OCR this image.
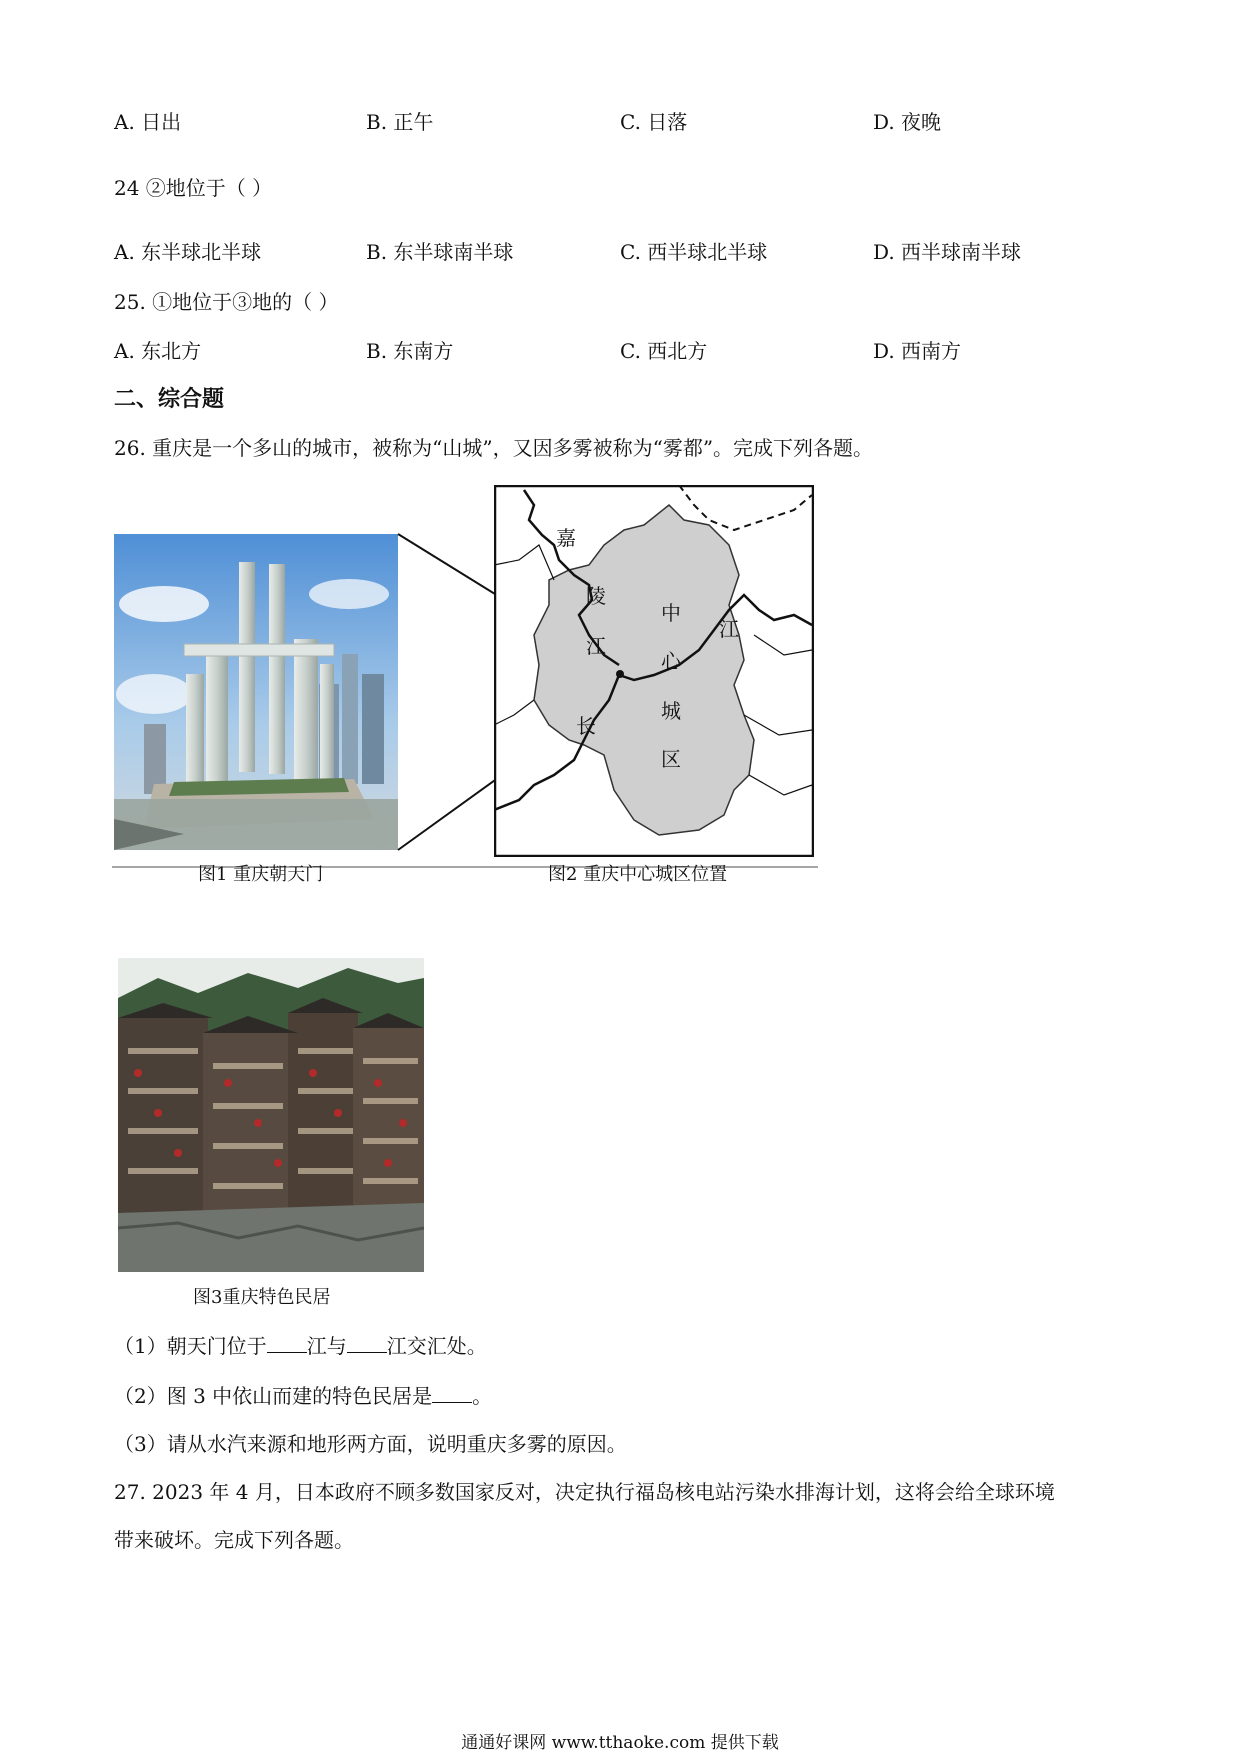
A. 日出	B. 正午	C. 日落	D. 夜晚
24 ②地位于（ ）
A. 东半球北半球	B. 东半球南半球	C. 西半球北半球	D. 西半球南半球
25. ①地位于③地的（ ）
A. 东北方	B. 东南方	C. 西北方	D. 西南方
二、综合题
26. 重庆是一个多山的城市，被称为“山城”，又因多雾被称为“雾都”。完成下列各题。
嘉
陵
江
长
江
中
心
城
区
图1 重庆朝天门	图2 重庆中心城区位置
图3重庆特色民居
（1）朝天门位于 江与 江交汇处。
（2）图 3 中依山而建的特色民居是 。
（3）请从水汽来源和地形两方面，说明重庆多雾的原因。
27. 2023 年 4 月，日本政府不顾多数国家反对，决定执行福岛核电站污染水排海计划，这将会给全球环境
带来破坏。完成下列各题。
通通好课网 www.tthaoke.com 提供下载
